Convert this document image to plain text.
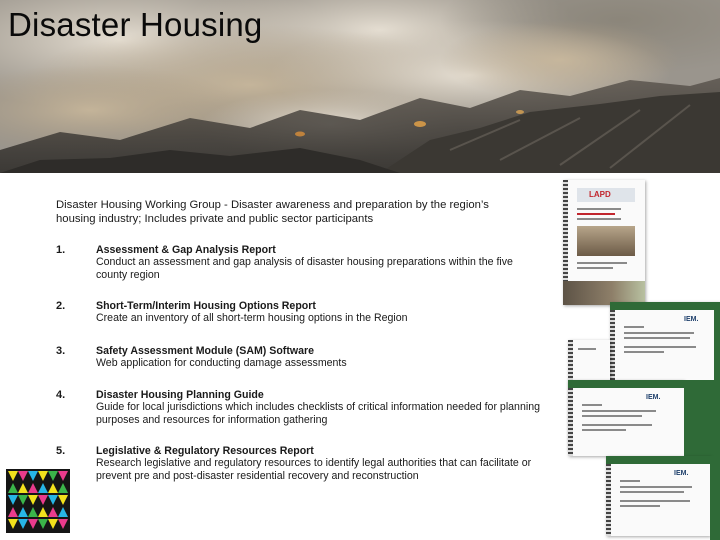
Disaster Housing

Disaster Housing Working Group - Disaster awareness and preparation by the region’s housing industry; Includes private and public sector participants

1.	Assessment & Gap Analysis Report
Conduct an assessment and gap analysis of disaster housing preparations within the five county region
2.	Short-Term/Interim Housing Options Report
Create an inventory of all short-term housing options in the Region
3.	Safety Assessment Module (SAM) Software
Web application for conducting damage assessments
4.	Disaster Housing Planning Guide
Guide for local jurisdictions which includes checklists of critical information needed for planning purposes and resources for information gathering
5.	Legislative & Regulatory Resources Report
Research legislative and regulatory resources to identify legal authorities that can facilitate or prevent pre and post-disaster residential recovery and reconstruction
LAPD
IEM.
IEM.
IEM.
